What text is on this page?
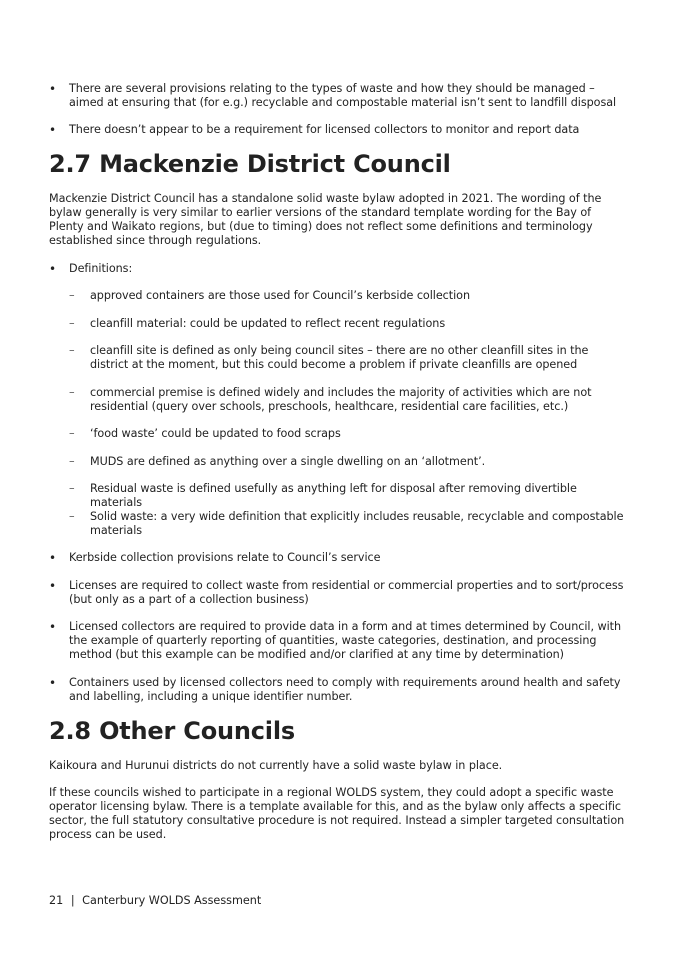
• There are several provisions relating to the types of waste and how they should be managed – aimed at ensuring that (for e.g.) recyclable and compostable material isn’t sent to landfill disposal
• There doesn’t appear to be a requirement for licensed collectors to monitor and report data
2.7 Mackenzie District Council
Mackenzie District Council has a standalone solid waste bylaw adopted in 2021. The wording of the bylaw generally is very similar to earlier versions of the standard template wording for the Bay of Plenty and Waikato regions, but (due to timing) does not reflect some definitions and terminology established since through regulations.
• Definitions:
– approved containers are those used for Council’s kerbside collection
– cleanfill material: could be updated to reflect recent regulations
– cleanfill site is defined as only being council sites – there are no other cleanfill sites in the district at the moment, but this could become a problem if private cleanfills are opened
– commercial premise is defined widely and includes the majority of activities which are not residential (query over schools, preschools, healthcare, residential care facilities, etc.)
– ‘food waste’ could be updated to food scraps
– MUDS are defined as anything over a single dwelling on an ‘allotment’.
– Residual waste is defined usefully as anything left for disposal after removing divertible materials
– Solid waste: a very wide definition that explicitly includes reusable, recyclable and compostable materials
• Kerbside collection provisions relate to Council’s service
• Licenses are required to collect waste from residential or commercial properties and to sort/process (but only as a part of a collection business)
• Licensed collectors are required to provide data in a form and at times determined by Council, with the example of quarterly reporting of quantities, waste categories, destination, and processing method (but this example can be modified and/or clarified at any time by determination)
• Containers used by licensed collectors need to comply with requirements around health and safety and labelling, including a unique identifier number.
2.8 Other Councils
Kaikoura and Hurunui districts do not currently have a solid waste bylaw in place.
If these councils wished to participate in a regional WOLDS system, they could adopt a specific waste operator licensing bylaw. There is a template available for this, and as the bylaw only affects a specific sector, the full statutory consultative procedure is not required. Instead a simpler targeted consultation process can be used.
21 | Canterbury WOLDS Assessment
